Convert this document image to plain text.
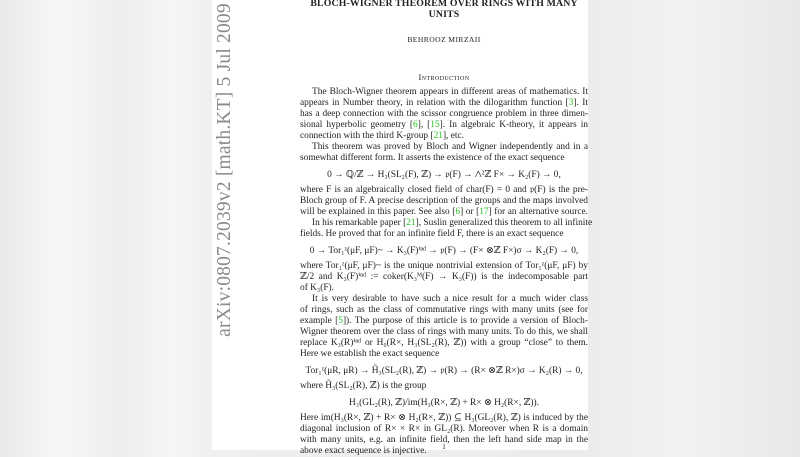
arXiv:0807.2039v2 [math.KT] 5 Jul 2009	BLOCH-WIGNER THEOREM OVER RINGS WITH MANY
UNITS
BEHROOZ MIRZAII
Introduction
The Bloch-Wigner theorem appears in different areas of mathematics. It
appears in Number theory, in relation with the dilogarithm function [3]. It
has a deep connection with the scissor congruence problem in three dimen-
sional hyperbolic geometry [6], [15]. In algebraic K-theory, it appears in
connection with the third K-group [21], etc.
This theorem was proved by Bloch and Wigner independently and in a
somewhat different form. It asserts the existence of the exact sequence
0 → ℚ/ℤ → H₃(SL₂(F), ℤ) → 𝔭(F) → ⋀²ℤ F× → K₂(F) → 0,
where F is an algebraically closed field of char(F) = 0 and 𝔭(F) is the pre-
Bloch group of F. A precise description of the groups and the maps involved
will be explained in this paper. See also [6] or [17] for an alternative source.
In his remarkable paper [21], Suslin generalized this theorem to all infinite
fields. He proved that for an infinite field F, there is an exact sequence
0 → Tor₁ᶻ(μF, μF)~ → K₃(F)ⁱⁿᵈ → 𝔭(F) → (F× ⊗ℤ F×)σ → K₂(F) → 0,
where Tor₁ᶻ(μF, μF)~ is the unique nontrivial extension of Tor₁ᶻ(μF, μF) by
ℤ/2 and K₃(F)ⁱⁿᵈ := coker(K₃ᴹ(F) → K₃(F)) is the indecomposable part
of K₃(F).
It is very desirable to have such a nice result for a much wider class
of rings, such as the class of commutative rings with many units (see for
example [5]). The purpose of this article is to provide a version of Bloch-
Wigner theorem over the class of rings with many units. To do this, we shall
replace K₃(R)ⁱⁿᵈ or H₀(R×, H₃(SL₂(R), ℤ)) with a group “close” to them.
Here we establish the exact sequence
Tor₁ᶻ(μR, μR) → H̃₃(SL₂(R), ℤ) → 𝔭(R) → (R× ⊗ℤ R×)σ → K₂(R) → 0,
where H̃₃(SL₂(R), ℤ) is the group
H₃(GL₂(R), ℤ)/im(H₃(R×, ℤ) + R× ⊗ H₂(R×, ℤ)).
Here im(H₃(R×, ℤ) + R× ⊗ H₂(R×, ℤ)) ⊆ H₃(GL₂(R), ℤ) is induced by the
diagonal inclusion of R× × R× in GL₂(R). Moreover when R is a domain
with many units, e.g. an infinite field, then the left hand side map in the
above exact sequence is injective.	1
